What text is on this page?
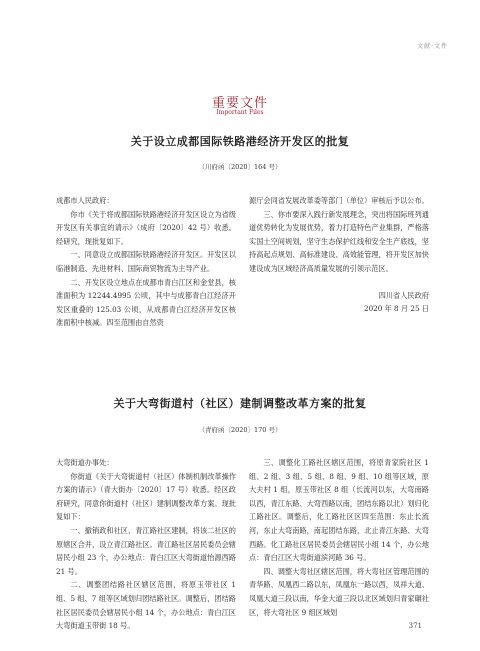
文献·文件
重要文件
Important Files
关于设立成都国际铁路港经济开发区的批复
（川府函〔2020〕164 号）

成都市人民政府：

你市《关于将成都国际铁路港经济开发区设立为省级开发区有关事宜的请示》（成府〔2020〕42 号）收悉。经研究，现批复如下。

一、同意设立成都国际铁路港经济开发区。开发区以临港制造、先进材料、国际商贸物流为主导产业。

二、开发区设立地点在成都市青白江区和金堂县，核准面积为 12244.4995 公顷，其中与成都青白江经济开发区重叠的 125.03 公顷，从成都青白江经济开发区核准面积中核减。四至范围由自然资

源厅会同省发展改革委等部门（单位）审核后予以公布。

三、你市要深入践行新发展理念，突出将国际班列通道优势转化为发展优势，着力打造特色产业集群，严格落实国土空间规划，坚守生态保护红线和安全生产底线，坚持高起点规划、高标准建设、高效能管理，将开发区加快建设成为区域经济高质量发展的引领示范区。

四川省人民政府

2020 年 8 月 25 日

关于大弯街道村（社区）建制调整改革方案的批复
（青府函〔2020〕170 号）

大弯街道办事处：

你街道《关于大弯街道村（社区）体制机制改革操作方案的请示》（青大街办〔2020〕17 号）收悉。经区政府研究，同意你街道村（社区）建制调整改革方案。现批复如下：

一、撤销政和社区、青江路社区建制，将该二社区的原辖区合并，设立青江路社区。青江路社区居民委员会辖居民小组 23 个，办公地点：青白江区大弯街道怡源西路 21 号。

二、调整团结路社区辖区范围，将原玉带社区 1 组、5 组、7 组等区域划归团结路社区。调整后，团结路社区居民委员会辖居民小组 14 个，办公地点：青白江区大弯街道玉带街 18 号。

三、调整化工路社区辖区范围，将原青家院社区 1 组、2 组、3 组、5 组、8 组、9 组、10 组等区域，原大夫村 1 组，原玉带社区 8 组（长流河以东，大弯南路以西，青江东路、大弯西路以南，团结东路以北）划归化工路社区。调整后，化工路社区区四至范围：东止长流河，东止大弯南路，南起团结东路，北止青江东路、大弯西路。化工路社区居民委员会辖居民小组 14 个，办公地点：青白江区大弯街道滨河路 36 号。

四、调整大弯社区辖区范围，将大弯社区管理范围的青华路、凤凰西二路以东，凤凰东一路以西，凤祥大道、凤凰大道三段以南，华金大道三段以北区域划归青家碾社区，将大弯社区 9 组区域划

371
